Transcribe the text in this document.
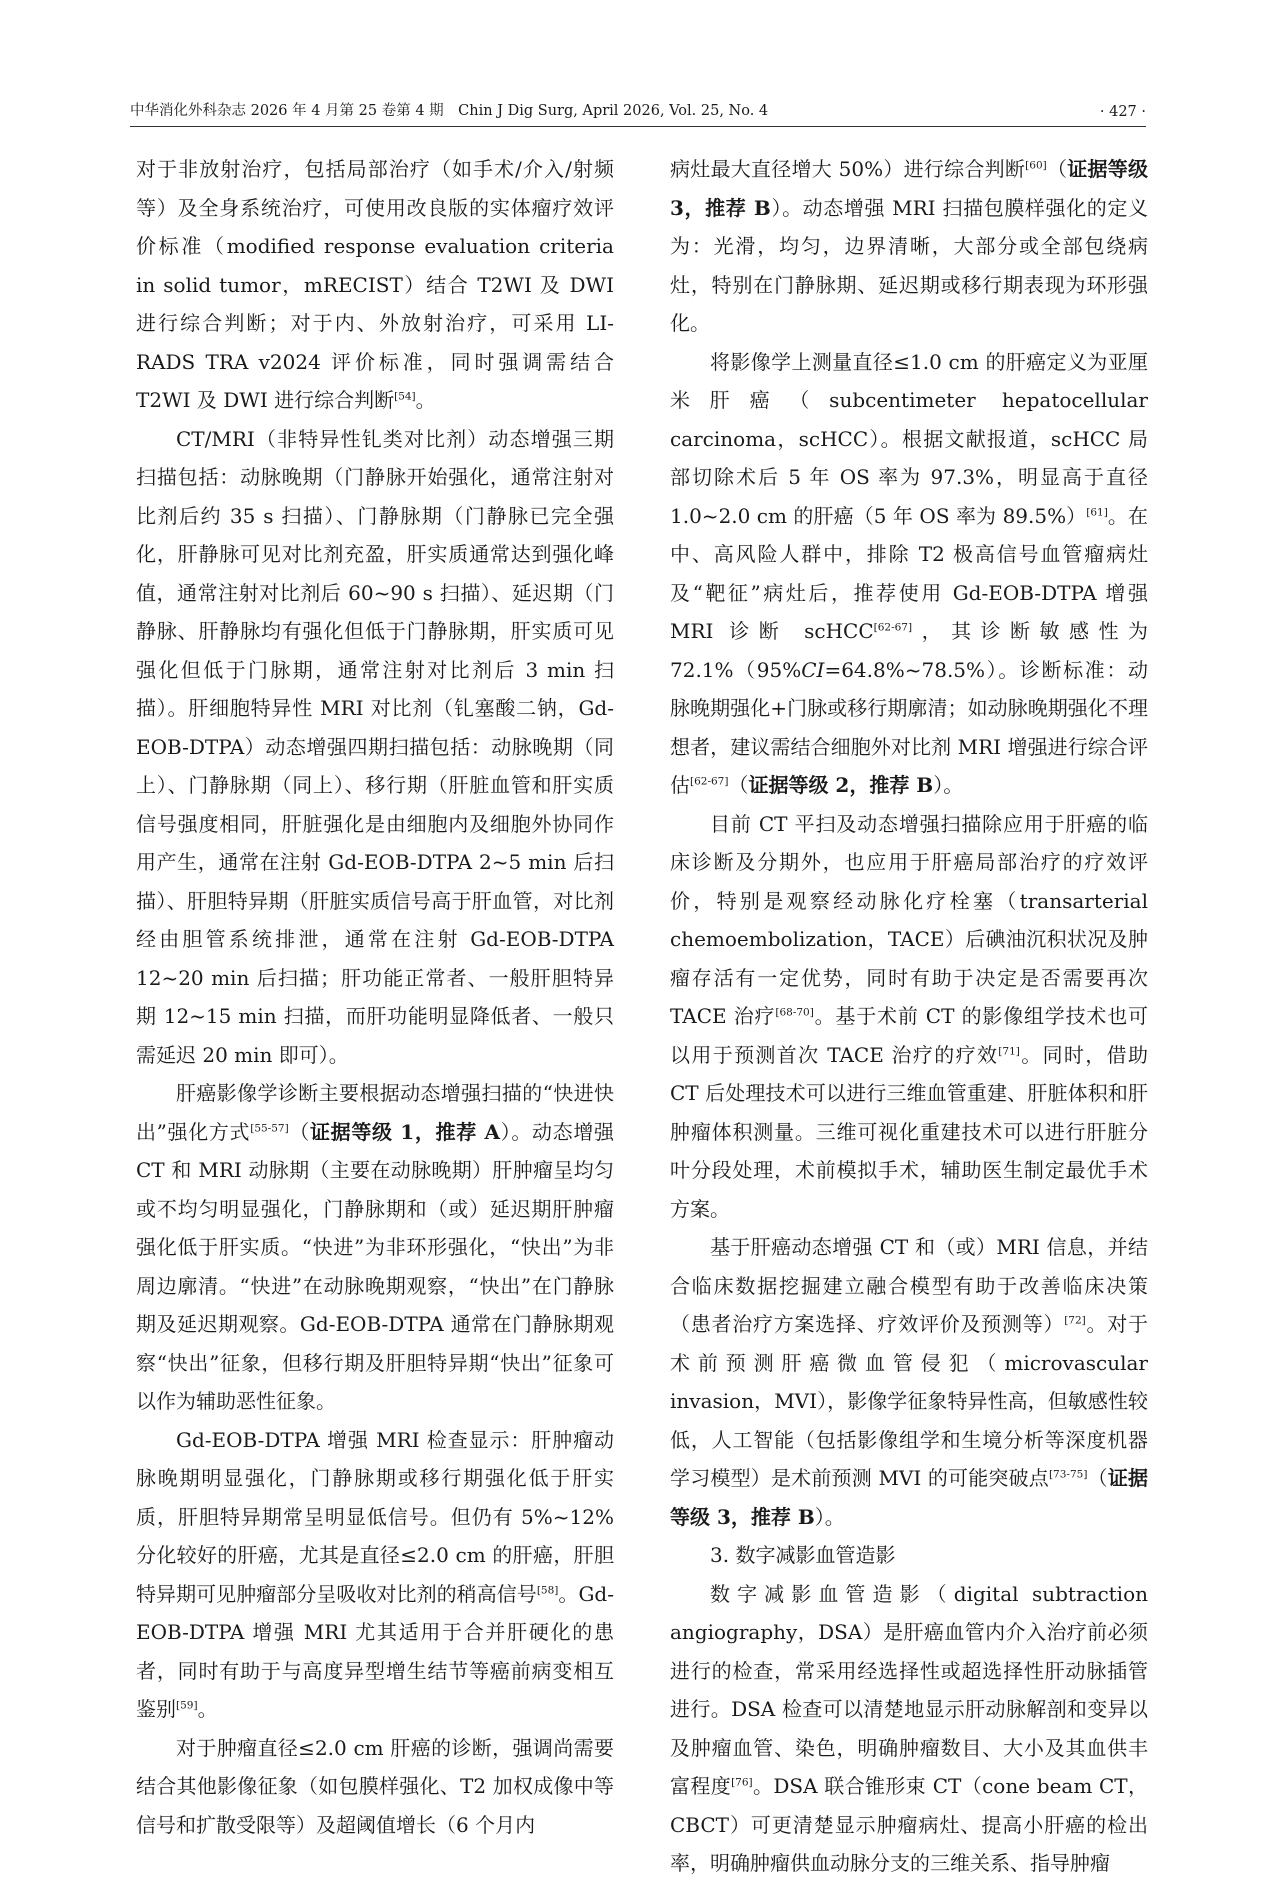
中华消化外科杂志 2026 年 4 月第 25 卷第 4 期　Chin J Dig Surg, April 2026, Vol. 25, No. 4	· 427 ·

对于非放射治疗，包括局部治疗（如手术/介入/射频等）及全身系统治疗，可使用改良版的实体瘤疗效评价标准（modified response evaluation criteria in solid tumor，mRECIST）结合 T2WI 及 DWI 进行综合判断；对于内、外放射治疗，可采用 LI-RADS TRA v2024 评价标准，同时强调需结合 T2WI 及 DWI 进行综合判断[54]。

CT/MRI（非特异性钆类对比剂）动态增强三期扫描包括：动脉晚期（门静脉开始强化，通常注射对比剂后约 35 s 扫描）、门静脉期（门静脉已完全强化，肝静脉可见对比剂充盈，肝实质通常达到强化峰值，通常注射对比剂后 60~90 s 扫描）、延迟期（门静脉、肝静脉均有强化但低于门静脉期，肝实质可见强化但低于门脉期，通常注射对比剂后 3 min 扫描）。肝细胞特异性 MRI 对比剂（钆塞酸二钠，Gd-EOB-DTPA）动态增强四期扫描包括：动脉晚期（同上）、门静脉期（同上）、移行期（肝脏血管和肝实质信号强度相同，肝脏强化是由细胞内及细胞外协同作用产生，通常在注射 Gd-EOB-DTPA 2~5 min 后扫描）、肝胆特异期（肝脏实质信号高于肝血管，对比剂经由胆管系统排泄，通常在注射 Gd-EOB-DTPA 12~20 min 后扫描；肝功能正常者、一般肝胆特异期 12~15 min 扫描，而肝功能明显降低者、一般只需延迟 20 min 即可）。

肝癌影像学诊断主要根据动态增强扫描的“快进快出”强化方式[55-57]（证据等级 1，推荐 A）。动态增强 CT 和 MRI 动脉期（主要在动脉晚期）肝肿瘤呈均匀或不均匀明显强化，门静脉期和（或）延迟期肝肿瘤强化低于肝实质。“快进”为非环形强化，“快出”为非周边廓清。“快进”在动脉晚期观察，“快出”在门静脉期及延迟期观察。Gd-EOB-DTPA 通常在门静脉期观察“快出”征象，但移行期及肝胆特异期“快出”征象可以作为辅助恶性征象。

Gd-EOB-DTPA 增强 MRI 检查显示：肝肿瘤动脉晚期明显强化，门静脉期或移行期强化低于肝实质，肝胆特异期常呈明显低信号。但仍有 5%~12% 分化较好的肝癌，尤其是直径≤2.0 cm 的肝癌，肝胆特异期可见肿瘤部分呈吸收对比剂的稍高信号[58]。Gd-EOB-DTPA 增强 MRI 尤其适用于合并肝硬化的患者，同时有助于与高度异型增生结节等癌前病变相互鉴别[59]。

对于肿瘤直径≤2.0 cm 肝癌的诊断，强调尚需要结合其他影像征象（如包膜样强化、T2 加权成像中等信号和扩散受限等）及超阈值增长（6 个月内

病灶最大直径增大 50%）进行综合判断[60]（证据等级 3，推荐 B）。动态增强 MRI 扫描包膜样强化的定义为：光滑，均匀，边界清晰，大部分或全部包绕病灶，特别在门静脉期、延迟期或移行期表现为环形强化。

将影像学上测量直径≤1.0 cm 的肝癌定义为亚厘米肝癌（subcentimeter hepatocellular carcinoma，scHCC）。根据文献报道，scHCC 局部切除术后 5 年 OS 率为 97.3%，明显高于直径 1.0~2.0 cm 的肝癌（5 年 OS 率为 89.5%）[61]。在中、高风险人群中，排除 T2 极高信号血管瘤病灶及“靶征”病灶后，推荐使用 Gd-EOB-DTPA 增强 MRI 诊断 scHCC[62-67]，其诊断敏感性为 72.1%（95%CI=64.8%~78.5%）。诊断标准：动脉晚期强化+门脉或移行期廓清；如动脉晚期强化不理想者，建议需结合细胞外对比剂 MRI 增强进行综合评估[62-67]（证据等级 2，推荐 B）。

目前 CT 平扫及动态增强扫描除应用于肝癌的临床诊断及分期外，也应用于肝癌局部治疗的疗效评价，特别是观察经动脉化疗栓塞（transarterial chemoembolization，TACE）后碘油沉积状况及肿瘤存活有一定优势，同时有助于决定是否需要再次 TACE 治疗[68-70]。基于术前 CT 的影像组学技术也可以用于预测首次 TACE 治疗的疗效[71]。同时，借助 CT 后处理技术可以进行三维血管重建、肝脏体积和肝肿瘤体积测量。三维可视化重建技术可以进行肝脏分叶分段处理，术前模拟手术，辅助医生制定最优手术方案。

基于肝癌动态增强 CT 和（或）MRI 信息，并结合临床数据挖掘建立融合模型有助于改善临床决策（患者治疗方案选择、疗效评价及预测等）[72]。对于术前预测肝癌微血管侵犯（microvascular invasion，MVI），影像学征象特异性高，但敏感性较低，人工智能（包括影像组学和生境分析等深度机器学习模型）是术前预测 MVI 的可能突破点[73-75]（证据等级 3，推荐 B）。

3. 数字减影血管造影

数字减影血管造影（digital subtraction angiography，DSA）是肝癌血管内介入治疗前必须进行的检查，常采用经选择性或超选择性肝动脉插管进行。DSA 检查可以清楚地显示肝动脉解剖和变异以及肿瘤血管、染色，明确肿瘤数目、大小及其血供丰富程度[76]。DSA 联合锥形束 CT（cone beam CT，CBCT）可更清楚显示肿瘤病灶、提高小肝癌的检出率，明确肿瘤供血动脉分支的三维关系、指导肿瘤
